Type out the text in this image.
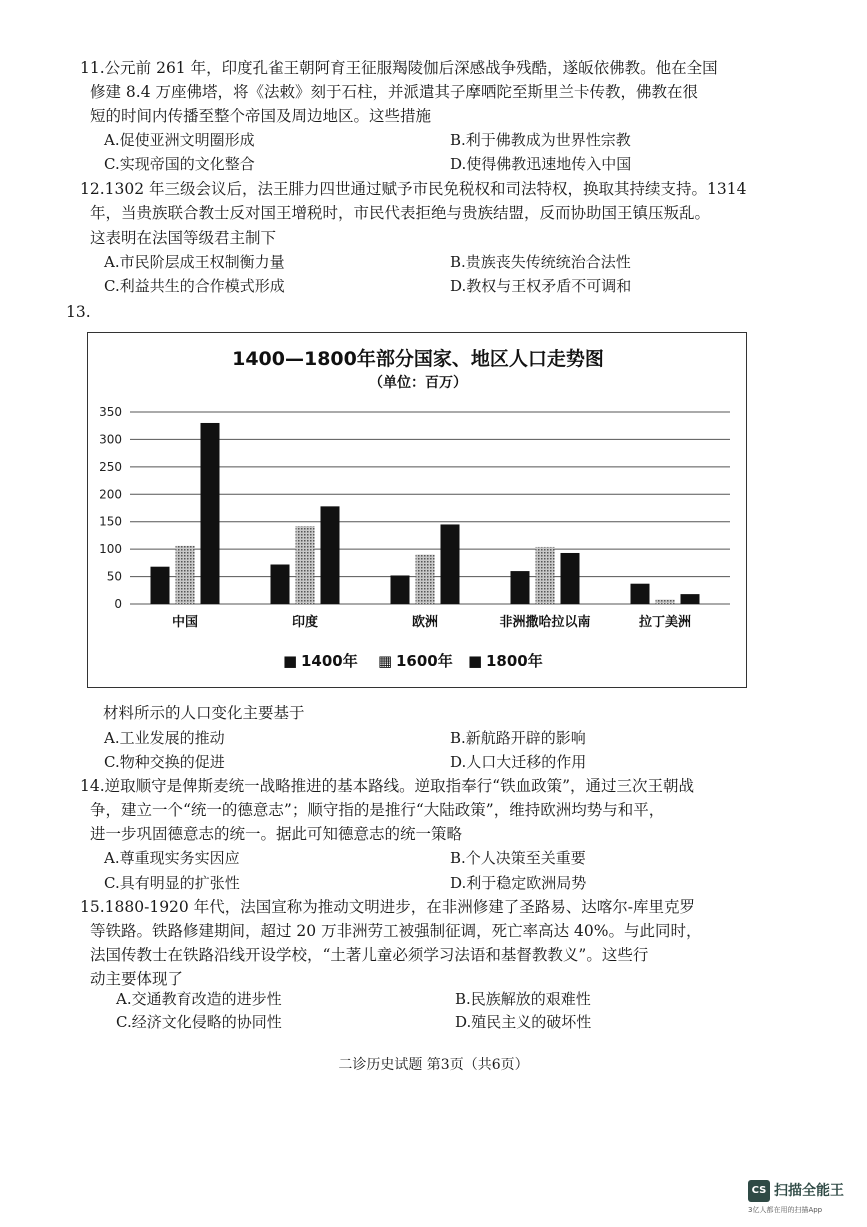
11.公元前 261 年，印度孔雀王朝阿育王征服羯陵伽后深感战争残酷，遂皈依佛教。他在全国
修建 8.4 万座佛塔，将《法敕》刻于石柱，并派遣其子摩哂陀至斯里兰卡传教，佛教在很
短的时间内传播至整个帝国及周边地区。这些措施
A.促使亚洲文明圈形成	B.利于佛教成为世界性宗教
C.实现帝国的文化整合	D.使得佛教迅速地传入中国
12.1302 年三级会议后，法王腓力四世通过赋予市民免税权和司法特权，换取其持续支持。1314
年，当贵族联合教士反对国王增税时，市民代表拒绝与贵族结盟，反而协助国王镇压叛乱。
这表明在法国等级君主制下
A.市民阶层成王权制衡力量	B.贵族丧失传统统治合法性
C.利益共生的合作模式形成	D.教权与王权矛盾不可调和
13.
1400—1800年部分国家、地区人口走势图
（单位：百万）
350
300
250
200
150
100
50
0
中国	印度	欧洲	非洲撒哈拉以南	拉丁美洲
■ 1400年 ▦ 1600年 ■ 1800年
材料所示的人口变化主要基于
A.工业发展的推动	B.新航路开辟的影响
C.物种交换的促进	D.人口大迁移的作用
14.逆取顺守是俾斯麦统一战略推进的基本路线。逆取指奉行“铁血政策”，通过三次王朝战
争，建立一个“统一的德意志”；顺守指的是推行“大陆政策”，维持欧洲均势与和平，
进一步巩固德意志的统一。据此可知德意志的统一策略
A.尊重现实务实因应	B.个人决策至关重要
C.具有明显的扩张性	D.利于稳定欧洲局势
15.1880-1920 年代，法国宣称为推动文明进步，在非洲修建了圣路易、达喀尔-库里克罗
等铁路。铁路修建期间，超过 20 万非洲劳工被强制征调，死亡率高达 40%。与此同时，
法国传教士在铁路沿线开设学校，“土著儿童必须学习法语和基督教教义”。这些行
动主要体现了
A.交通教育改造的进步性	B.民族解放的艰难性
C.经济文化侵略的协同性	D.殖民主义的破坏性
二诊历史试题 第3页（共6页）
CS 扫描全能王
3亿人都在用的扫描App
